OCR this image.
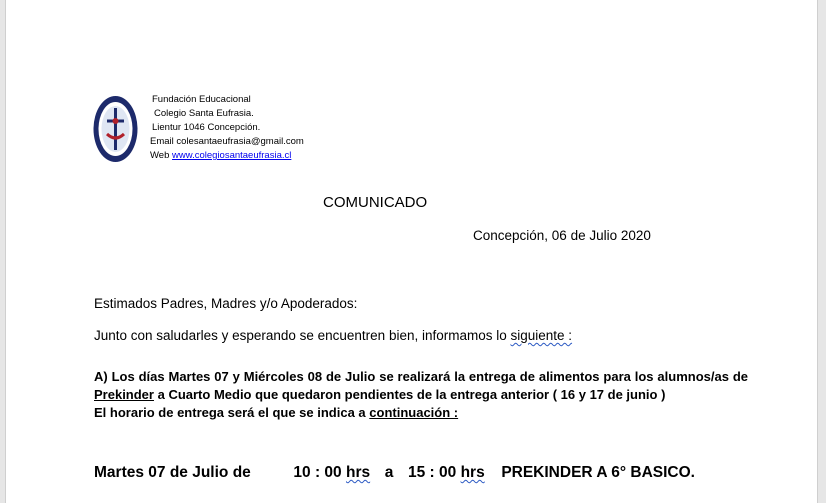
Fundación Educacional
Colegio Santa Eufrasia.
Lientur 1046 Concepción.
Email colesantaeufrasia@gmail.com
Web www.colegiosantaeufrasia.cl
COMUNICADO
Concepción, 06 de Julio 2020
Estimados Padres, Madres y/o Apoderados:
Junto con saludarles y esperando se encuentren bien, informamos lo siguiente :
A) Los días Martes 07 y Miércoles 08 de Julio se realizará la entrega de alimentos para los alumnos/as de Prekinder a Cuarto Medio que quedaron pendientes de la entrega anterior ( 16 y 17 de junio )
El horario de entrega será el que se indica a continuación :
Martes 07 de Julio de	10 : 00 hrs a 15 : 00 hrs PREKINDER A 6° BASICO.
